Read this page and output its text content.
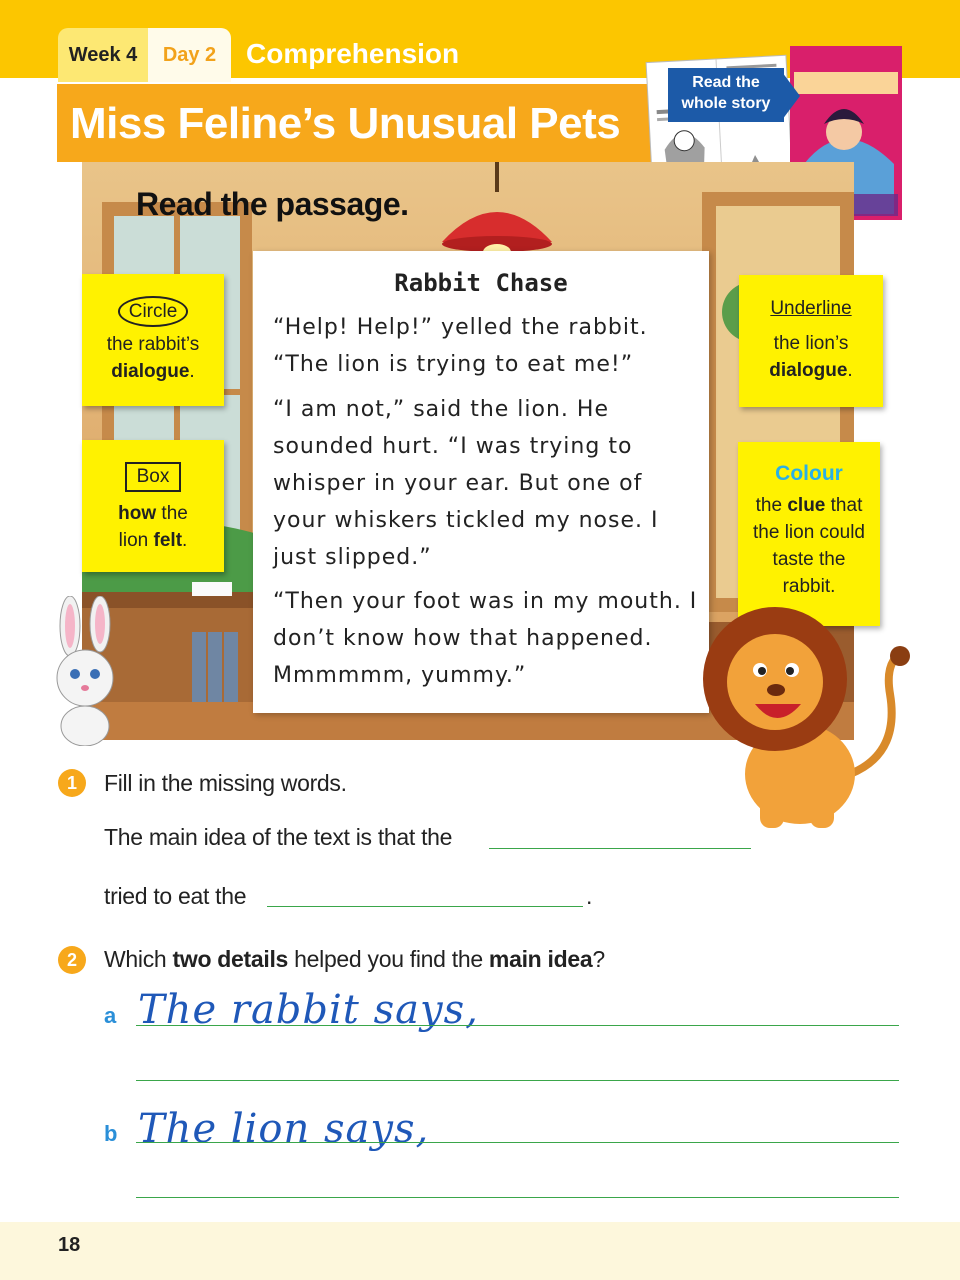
Week 4	Day 2	Comprehension
Miss Feline’s Unusual Pets
Read the whole story
Read the passage.
Rabbit Chase
“Help! Help!” yelled the rabbit. “The lion is trying to eat me!”
“I am not,” said the lion. He sounded hurt. “I was trying to whisper in your ear. But one of your whiskers tickled my nose. I just slipped.”
“Then your foot was in my mouth. I don’t know how that happened. Mmmmmm, yummy.”
Circle
the rabbit’s
dialogue.
Box
how the
lion felt.
Underline
the lion’s
dialogue.
Colour
the clue that
the lion could
taste the
rabbit.
1	Fill in the missing words.
The main idea of the text is that the
tried to eat the	.
2	Which two details helped you find the main idea?
a The rabbit says,
b The lion says,
18
